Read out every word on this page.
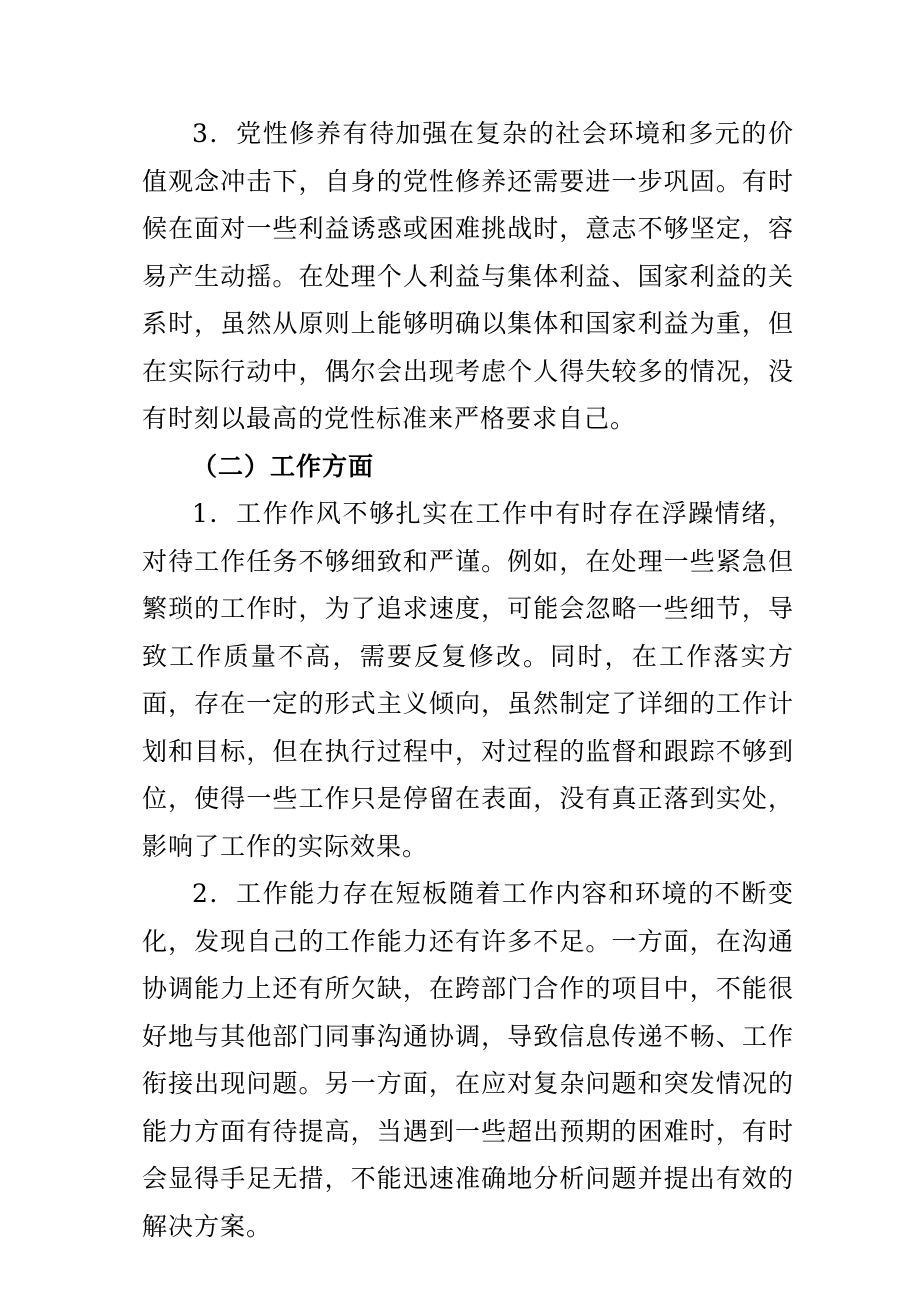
3．党性修养有待加强在复杂的社会环境和多元的价值观念冲击下，自身的党性修养还需要进一步巩固。有时候在面对一些利益诱惑或困难挑战时，意志不够坚定，容易产生动摇。在处理个人利益与集体利益、国家利益的关系时，虽然从原则上能够明确以集体和国家利益为重，但在实际行动中，偶尔会出现考虑个人得失较多的情况，没有时刻以最高的党性标准来严格要求自己。

（二）工作方面

1．工作作风不够扎实在工作中有时存在浮躁情绪，对待工作任务不够细致和严谨。例如，在处理一些紧急但繁琐的工作时，为了追求速度，可能会忽略一些细节，导致工作质量不高，需要反复修改。同时，在工作落实方面，存在一定的形式主义倾向，虽然制定了详细的工作计划和目标，但在执行过程中，对过程的监督和跟踪不够到位，使得一些工作只是停留在表面，没有真正落到实处，影响了工作的实际效果。

2．工作能力存在短板随着工作内容和环境的不断变化，发现自己的工作能力还有许多不足。一方面，在沟通协调能力上还有所欠缺，在跨部门合作的项目中，不能很好地与其他部门同事沟通协调，导致信息传递不畅、工作衔接出现问题。另一方面，在应对复杂问题和突发情况的能力方面有待提高，当遇到一些超出预期的困难时，有时会显得手足无措，不能迅速准确地分析问题并提出有效的解决方案。
